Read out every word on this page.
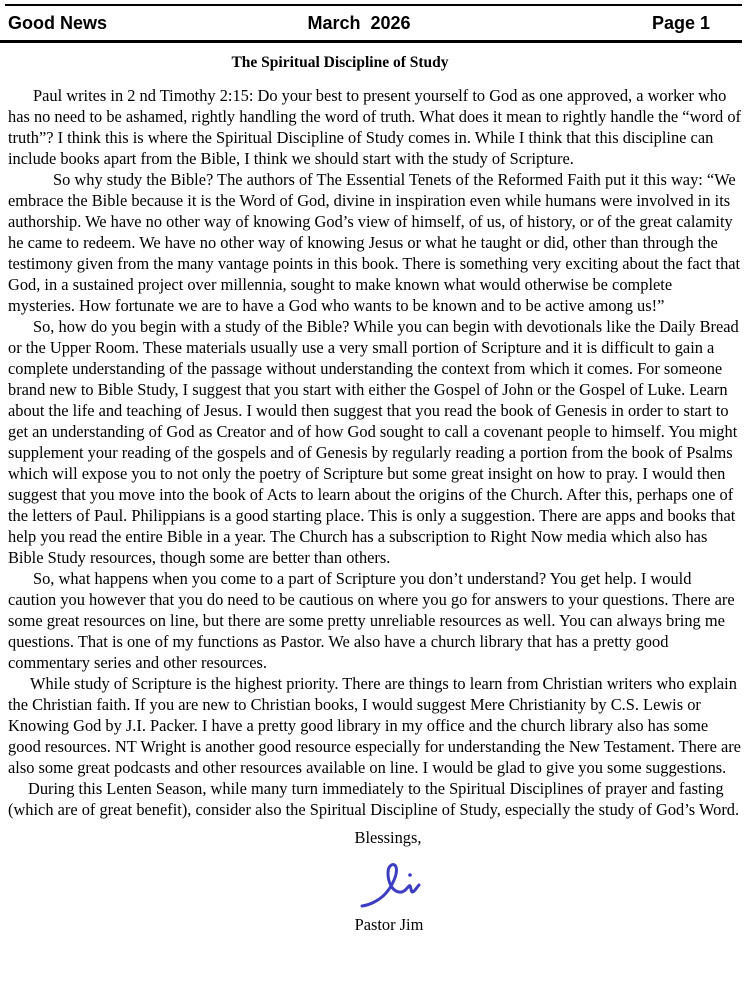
Good News	March  2026	Page 1
The Spiritual Discipline of Study

Paul writes in 2 nd Timothy 2:15: Do your best to present yourself to God as one approved, a worker who has no need to be ashamed, rightly handling the word of truth. What does it mean to rightly handle the “word of truth”? I think this is where the Spiritual Discipline of Study comes in. While I think that this discipline can include books apart from the Bible, I think we should start with the study of Scripture.

So why study the Bible? The authors of The Essential Tenets of the Reformed Faith put it this way: “We embrace the Bible because it is the Word of God, divine in inspiration even while humans were involved in its authorship. We have no other way of knowing God’s view of himself, of us, of history, or of the great calamity he came to redeem. We have no other way of knowing Jesus or what he taught or did, other than through the testimony given from the many vantage points in this book. There is something very exciting about the fact that God, in a sustained project over millennia, sought to make known what would otherwise be complete mysteries. How fortunate we are to have a God who wants to be known and to be active among us!”

So, how do you begin with a study of the Bible? While you can begin with devotionals like the Daily Bread or the Upper Room. These materials usually use a very small portion of Scripture and it is difficult to gain a complete understanding of the passage without understanding the context from which it comes. For someone brand new to Bible Study, I suggest that you start with either the Gospel of John or the Gospel of Luke. Learn about the life and teaching of Jesus. I would then suggest that you read the book of Genesis in order to start to get an understanding of God as Creator and of how God sought to call a covenant people to himself. You might supplement your reading of the gospels and of Genesis by regularly reading a portion from the book of Psalms which will expose you to not only the poetry of Scripture but some great insight on how to pray. I would then suggest that you move into the book of Acts to learn about the origins of the Church. After this, perhaps one of the letters of Paul. Philippians is a good starting place. This is only a suggestion. There are apps and books that help you read the entire Bible in a year. The Church has a subscription to Right Now media which also has Bible Study resources, though some are better than others.

So, what happens when you come to a part of Scripture you don’t understand? You get help. I would caution you however that you do need to be cautious on where you go for answers to your questions. There are some great resources on line, but there are some pretty unreliable resources as well. You can always bring me questions. That is one of my functions as Pastor. We also have a church library that has a pretty good commentary series and other resources.

While study of Scripture is the highest priority. There are things to learn from Christian writers who explain the Christian faith. If you are new to Christian books, I would suggest Mere Christianity by C.S. Lewis or Knowing God by J.I. Packer. I have a pretty good library in my office and the church library also has some good resources. NT Wright is another good resource especially for understanding the New Testament. There are also some great podcasts and other resources available on line. I would be glad to give you some suggestions.

During this Lenten Season, while many turn immediately to the Spiritual Disciplines of prayer and fasting (which are of great benefit), consider also the Spiritual Discipline of Study, especially the study of God’s Word.

Blessings,
Pastor Jim
